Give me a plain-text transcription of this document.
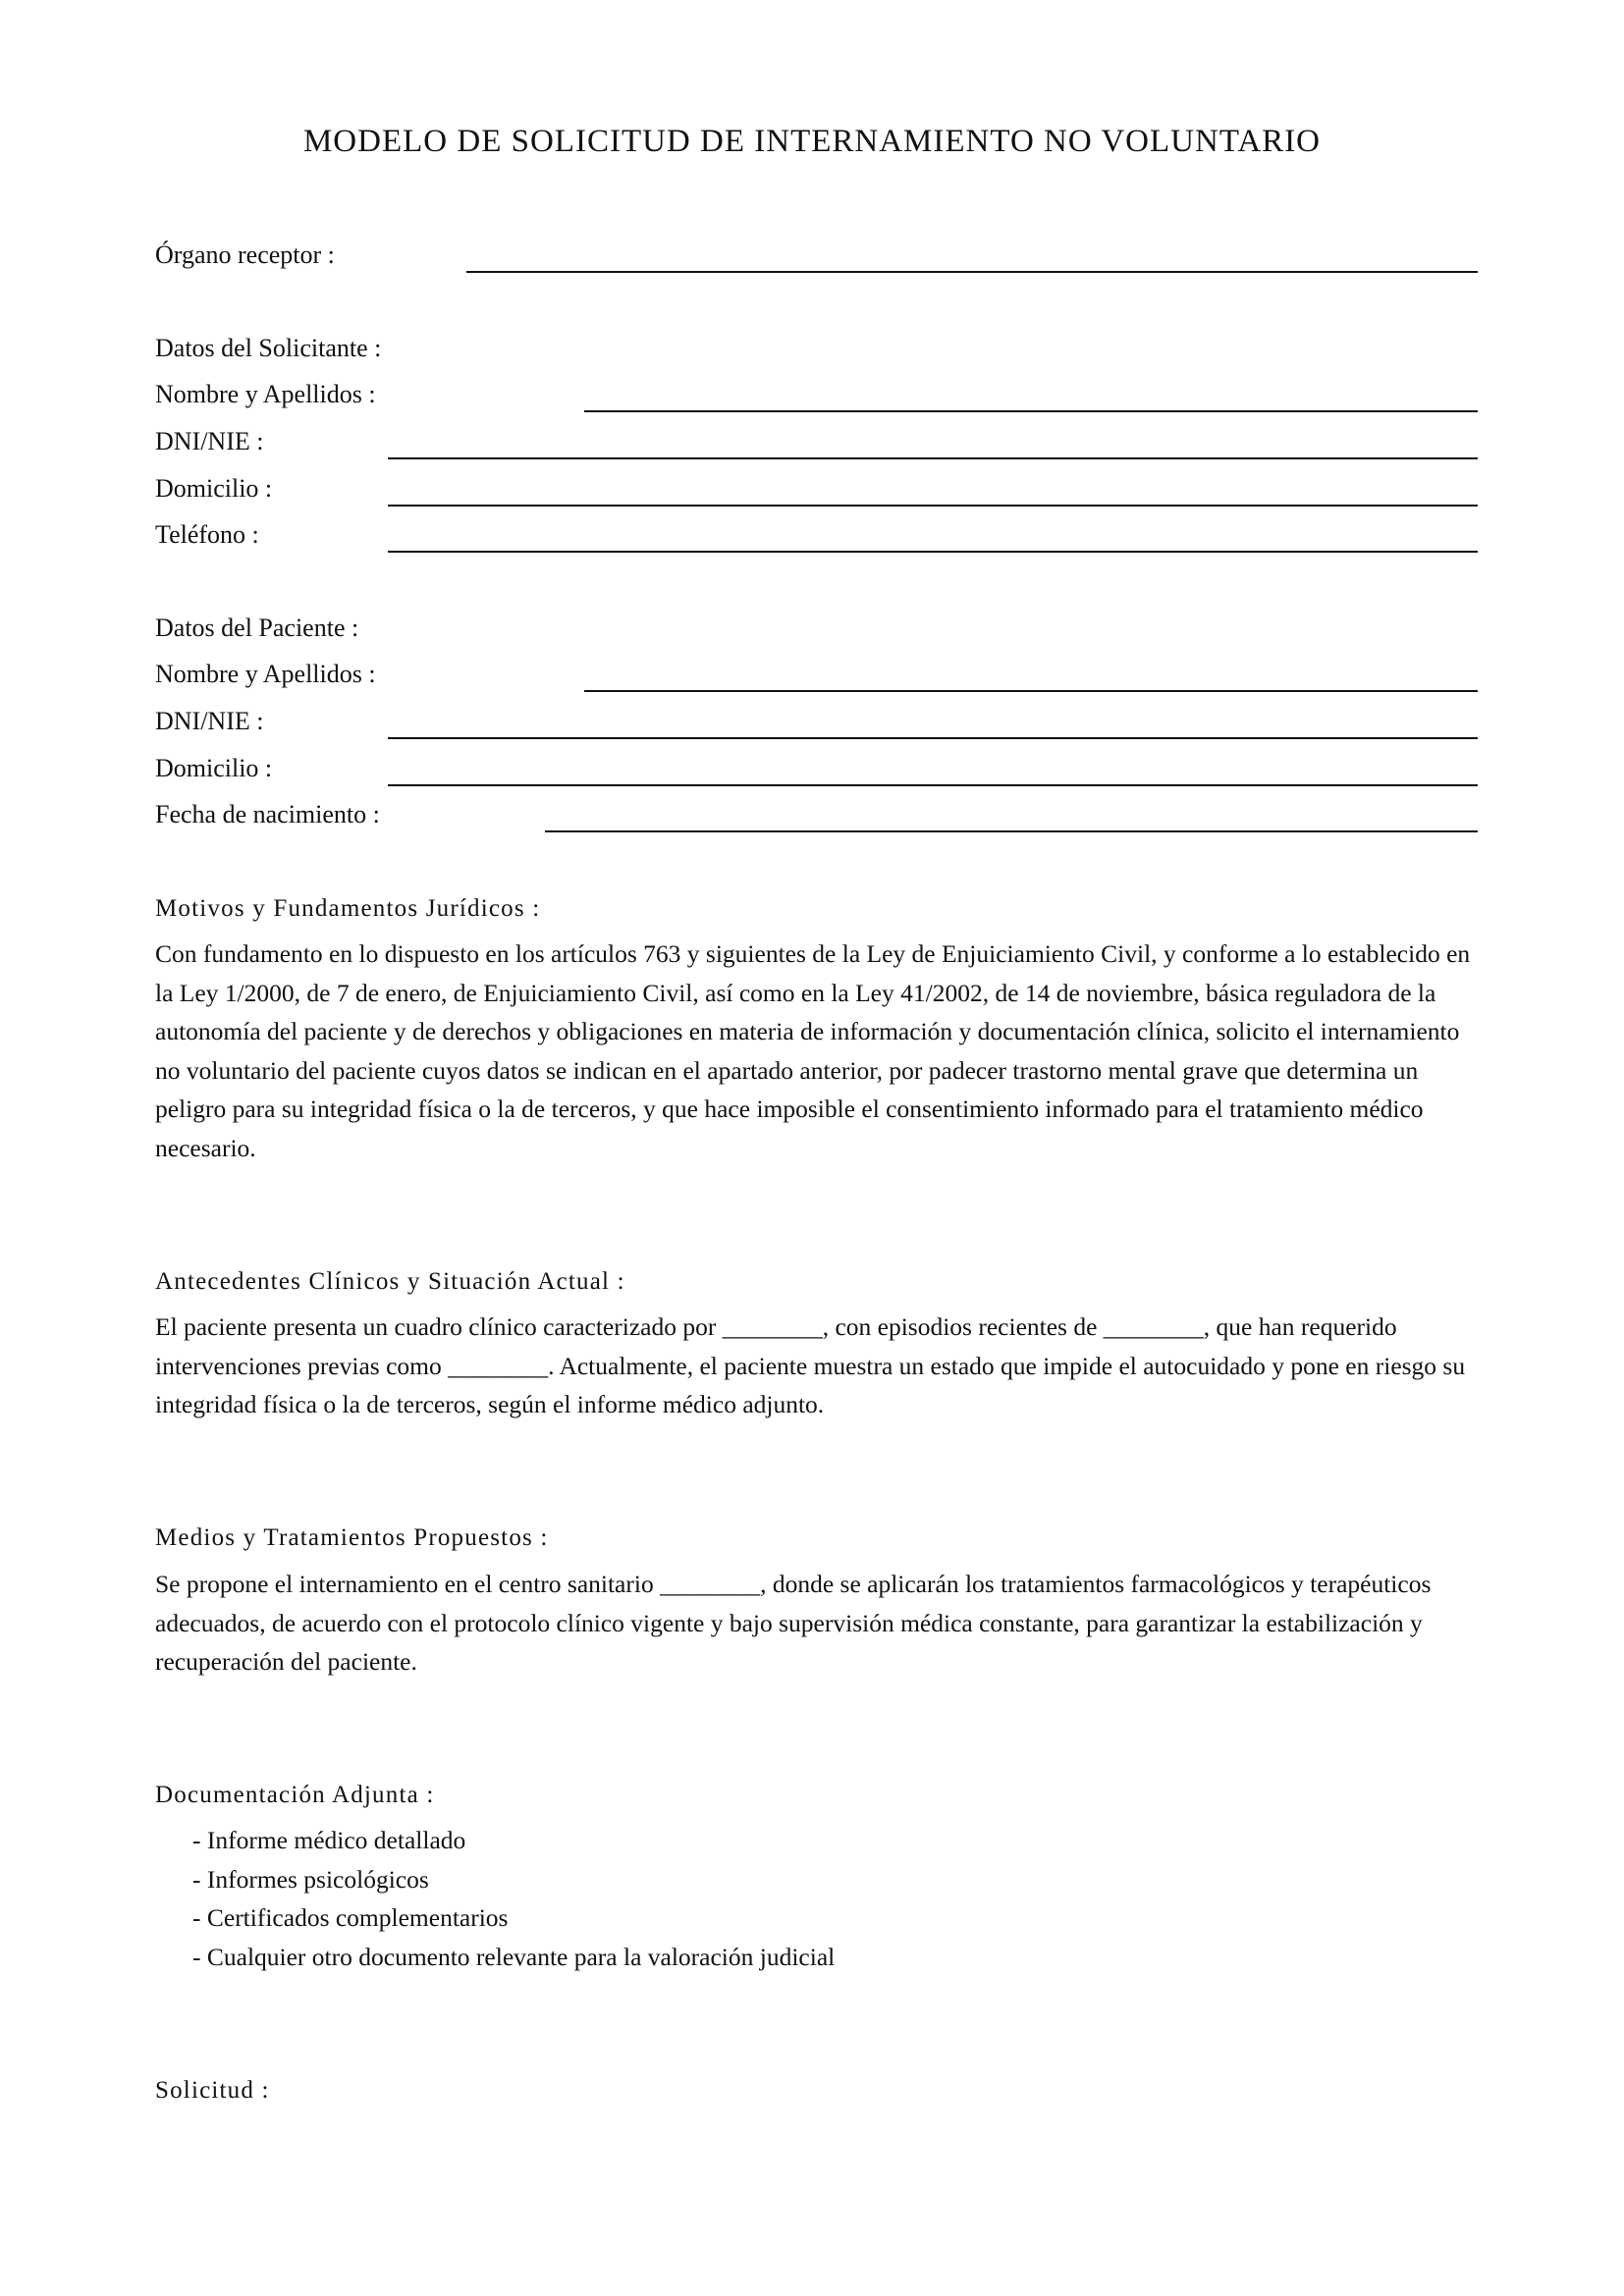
MODELO DE SOLICITUD DE INTERNAMIENTO NO VOLUNTARIO
Órgano receptor :
Datos del Solicitante :
Nombre y Apellidos :
DNI/NIE :
Domicilio :
Teléfono :
Datos del Paciente :
Nombre y Apellidos :
DNI/NIE :
Domicilio :
Fecha de nacimiento :
Motivos y Fundamentos Jurídicos :

Con fundamento en lo dispuesto en los artículos 763 y siguientes de la Ley de Enjuiciamiento Civil, y conforme a lo establecido en la Ley 1/2000, de 7 de enero, de Enjuiciamiento Civil, así como en la Ley 41/2002, de 14 de noviembre, básica reguladora de la autonomía del paciente y de derechos y obligaciones en materia de información y documentación clínica, solicito el internamiento no voluntario del paciente cuyos datos se indican en el apartado anterior, por padecer trastorno mental grave que determina un peligro para su integridad física o la de terceros, y que hace imposible el consentimiento informado para el tratamiento médico necesario.

Antecedentes Clínicos y Situación Actual :

El paciente presenta un cuadro clínico caracterizado por ________, con episodios recientes de ________, que han requerido intervenciones previas como ________. Actualmente, el paciente muestra un estado que impide el autocuidado y pone en riesgo su integridad física o la de terceros, según el informe médico adjunto.

Medios y Tratamientos Propuestos :

Se propone el internamiento en el centro sanitario ________, donde se aplicarán los tratamientos farmacológicos y terapéuticos adecuados, de acuerdo con el protocolo clínico vigente y bajo supervisión médica constante, para garantizar la estabilización y recuperación del paciente.

Documentación Adjunta :
- Informe médico detallado
- Informes psicológicos
- Certificados complementarios
- Cualquier otro documento relevante para la valoración judicial
Solicitud :
